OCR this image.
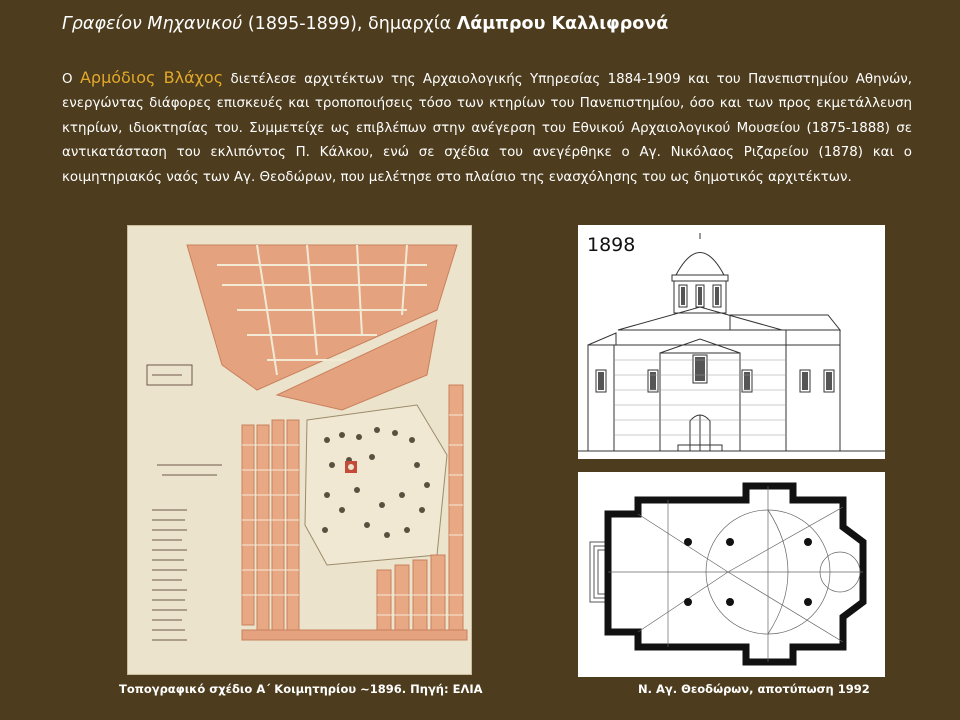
Γραφείον Μηχανικού (1895-1899), δημαρχία Λάμπρου Καλλιφρονά
Ο Αρμόδιος Βλάχος διετέλεσε αρχιτέκτων της Αρχαιολογικής Υπηρεσίας 1884-1909 και του Πανεπιστημίου Αθηνών, ενεργώντας διάφορες επισκευές και τροποποιήσεις τόσο των κτηρίων του Πανεπιστημίου, όσο και των προς εκμετάλλευση κτηρίων, ιδιοκτησίας του. Συμμετείχε ως επιβλέπων στην ανέγερση του Εθνικού Αρχαιολογικού Μουσείου (1875-1888) σε αντικατάσταση του εκλιπόντος Π. Κάλκου, ενώ σε σχέδια του ανεγέρθηκε ο Αγ. Νικόλαος Ριζαρείου (1878) και ο κοιμητηριακός ναός των Αγ. Θεοδώρων, που μελέτησε στο πλαίσιο της ενασχόλησης του ως δημοτικός αρχιτέκτων.
1898
Τοπογραφικό σχέδιο Α΄ Κοιμητηρίου ~1896. Πηγή: ΕΛΙΑ	Ν. Αγ. Θεοδώρων, αποτύπωση 1992
